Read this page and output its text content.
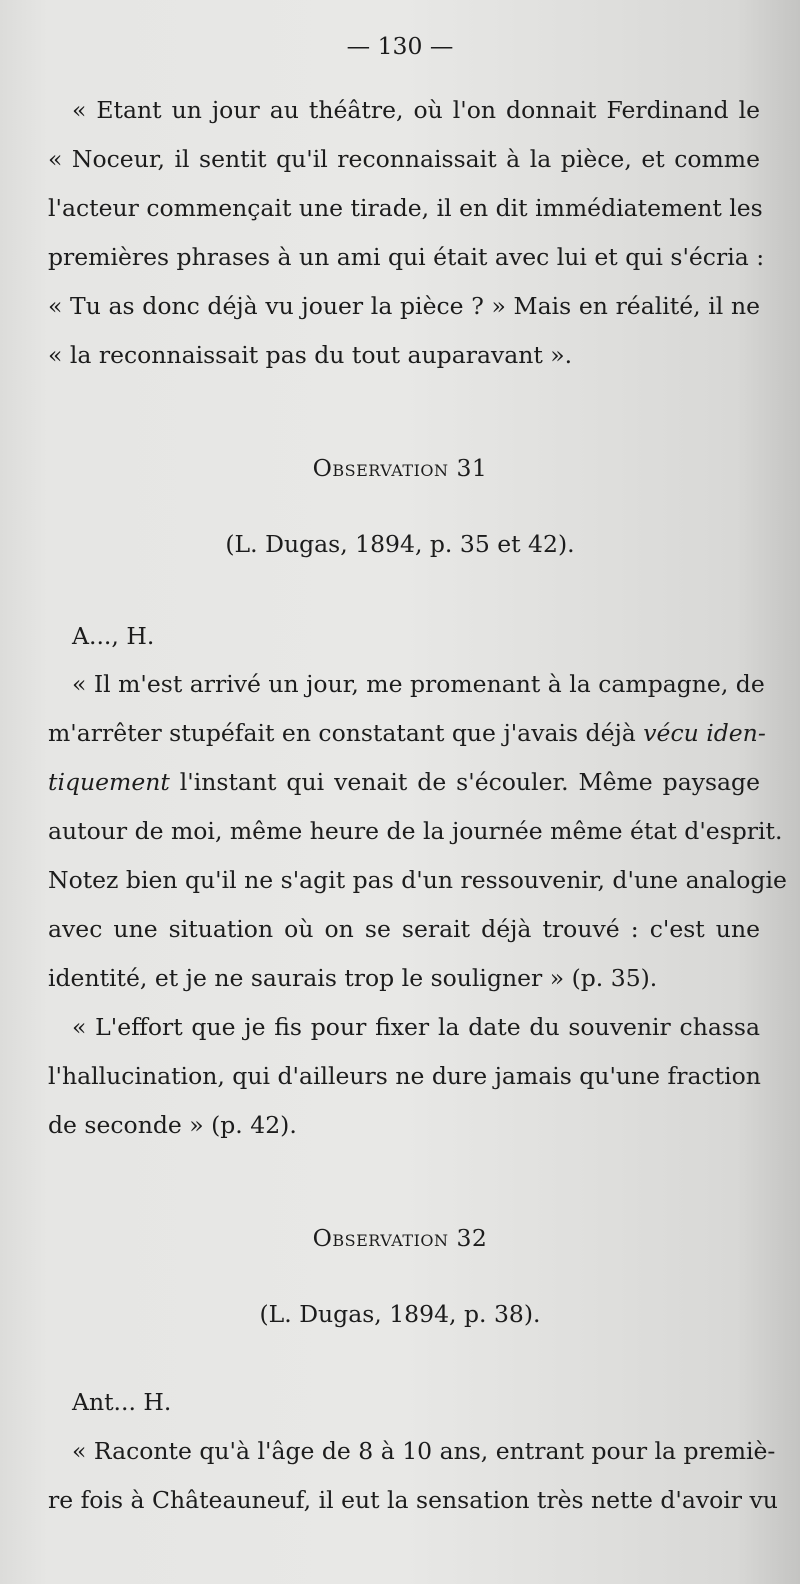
— 130 —
« Etant un jour au théâtre, où l'on donnait Ferdinand le
« Noceur, il sentit qu'il reconnaissait à la pièce, et comme
l'acteur commençait une tirade, il en dit immédiatement les
premières phrases à un ami qui était avec lui et qui s'écria :
« Tu as donc déjà vu jouer la pièce ? » Mais en réalité, il ne
« la reconnaissait pas du tout auparavant ».
Observation 31
(L. Dugas, 1894, p. 35 et 42).
A..., H.
« Il m'est arrivé un jour, me promenant à la campagne, de
m'arrêter stupéfait en constatant que j'avais déjà vécu iden-
tiquement l'instant qui venait de s'écouler. Même paysage
autour de moi, même heure de la journée même état d'esprit.
Notez bien qu'il ne s'agit pas d'un ressouvenir, d'une analogie
avec une situation où on se serait déjà trouvé : c'est une
identité, et je ne saurais trop le souligner » (p. 35).
« L'effort que je fis pour fixer la date du souvenir chassa
l'hallucination, qui d'ailleurs ne dure jamais qu'une fraction
de seconde » (p. 42).
Observation 32
(L. Dugas, 1894, p. 38).
Ant... H.
« Raconte qu'à l'âge de 8 à 10 ans, entrant pour la premiè-
re fois à Châteauneuf, il eut la sensation très nette d'avoir vu
